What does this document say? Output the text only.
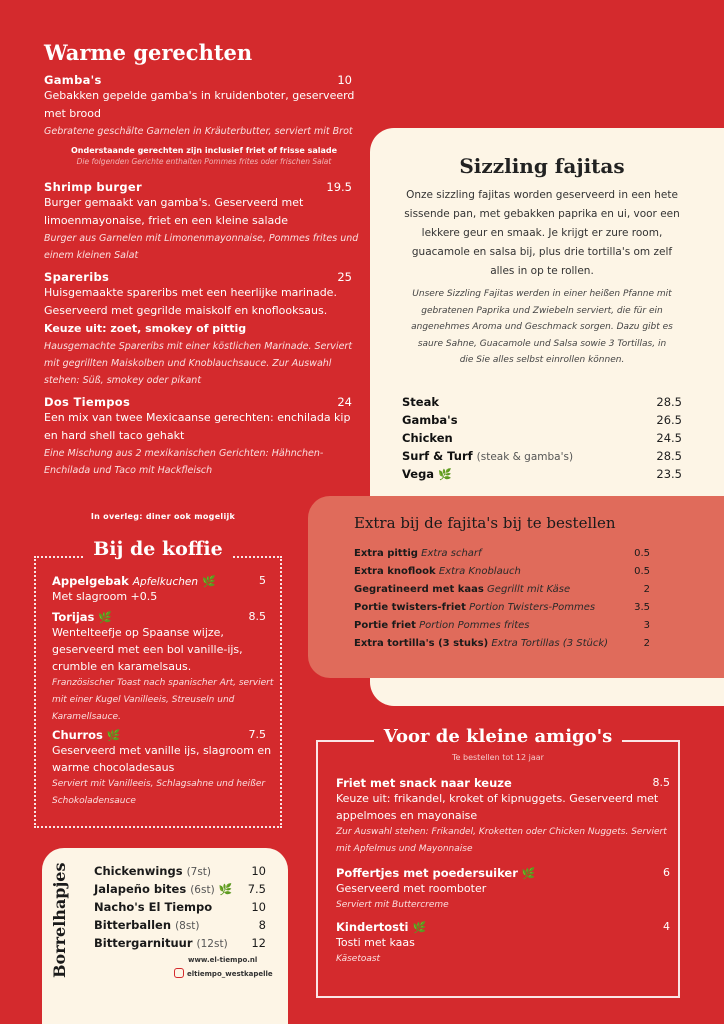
Sizzling fajitas
Onze sizzling fajitas worden geserveerd in een hete sissende pan, met gebakken paprika en ui, voor een lekkere geur en smaak. Je krijgt er zure room, guacamole en salsa bij, plus drie tortilla's om zelf alles in op te rollen.
Unsere Sizzling Fajitas werden in einer heißen Pfanne mit gebratenen Paprika und Zwiebeln serviert, die für ein angenehmes Aroma und Geschmack sorgen. Dazu gibt es saure Sahne, Guacamole und Salsa sowie 3 Tortillas, in die Sie alles selbst einrollen können.
Steak	28.5
Gamba's	26.5
Chicken	24.5
Surf & Turf (steak & gamba's)	28.5
Vega 🌿	23.5
Extra bij de fajita's bij te bestellen
Extra pittig Extra scharf	0.5
Extra knoflook Extra Knoblauch	0.5
Gegratineerd met kaas Gegrillt mit Käse	2
Portie twisters-friet Portion Twisters-Pommes	3.5
Portie friet Portion Pommes frites	3
Extra tortilla's (3 stuks) Extra Tortillas (3 Stück)	2
Warme gerechten
Gamba's	10
Gebakken gepelde gamba's in kruidenboter, geserveerd met brood
Gebratene geschälte Garnelen in Kräuterbutter, serviert mit Brot
Onderstaande gerechten zijn inclusief friet of frisse salade
Die folgenden Gerichte enthalten Pommes frites oder frischen Salat
Shrimp burger	19.5
Burger gemaakt van gamba's. Geserveerd met limoenmayonaise, friet en een kleine salade
Burger aus Garnelen mit Limonenmayonnaise, Pommes frites und einem kleinen Salat
Spareribs	25
Huisgemaakte spareribs met een heerlijke marinade. Geserveerd met gegrilde maiskolf en knoflooksaus. Keuze uit: zoet, smokey of pittig
Hausgemachte Spareribs mit einer köstlichen Marinade. Serviert mit gegrillten Maiskolben und Knoblauchsauce. Zur Auswahl stehen: Süß, smokey oder pikant
Dos Tiempos	24
Een mix van twee Mexicaanse gerechten: enchilada kip en hard shell taco gehakt
Eine Mischung aus 2 mexikanischen Gerichten: Hähnchen-Enchilada und Taco mit Hackfleisch
In overleg: diner ook mogelijk
Bij de koffie
Appelgebak Apfelkuchen 🌿	5
Met slagroom +0.5
Torijas 🌿	8.5
Wentelteefje op Spaanse wijze, geserveerd met een bol vanille-ijs, crumble en karamelsaus.
Französischer Toast nach spanischer Art, serviert mit einer Kugel Vanilleeis, Streuseln und Karamellsauce.
Churros 🌿	7.5
Geserveerd met vanille ijs, slagroom en warme chocoladesaus
Serviert mit Vanilleeis, Schlagsahne und heißer Schokoladensauce
Voor de kleine amigo's
Te bestellen tot 12 jaar
Friet met snack naar keuze	8.5
Keuze uit: frikandel, kroket of kipnuggets. Geserveerd met appelmoes en mayonaise
Zur Auswahl stehen: Frikandel, Kroketten oder Chicken Nuggets. Serviert mit Apfelmus und Mayonnaise
Poffertjes met poedersuiker 🌿	6
Geserveerd met roomboter
Serviert mit Buttercreme
Kindertosti 🌿	4
Tosti met kaas
Käsetoast
Borrelhapjes Chickenwings (7st)	10
Jalapeño bites (6st) 🌿 7.5
Nacho's El Tiempo	10
Bitterballen (8st)	8
Bittergarnituur (12st) 12
www.el-tiempo.nl
eltiempo_westkapelle
